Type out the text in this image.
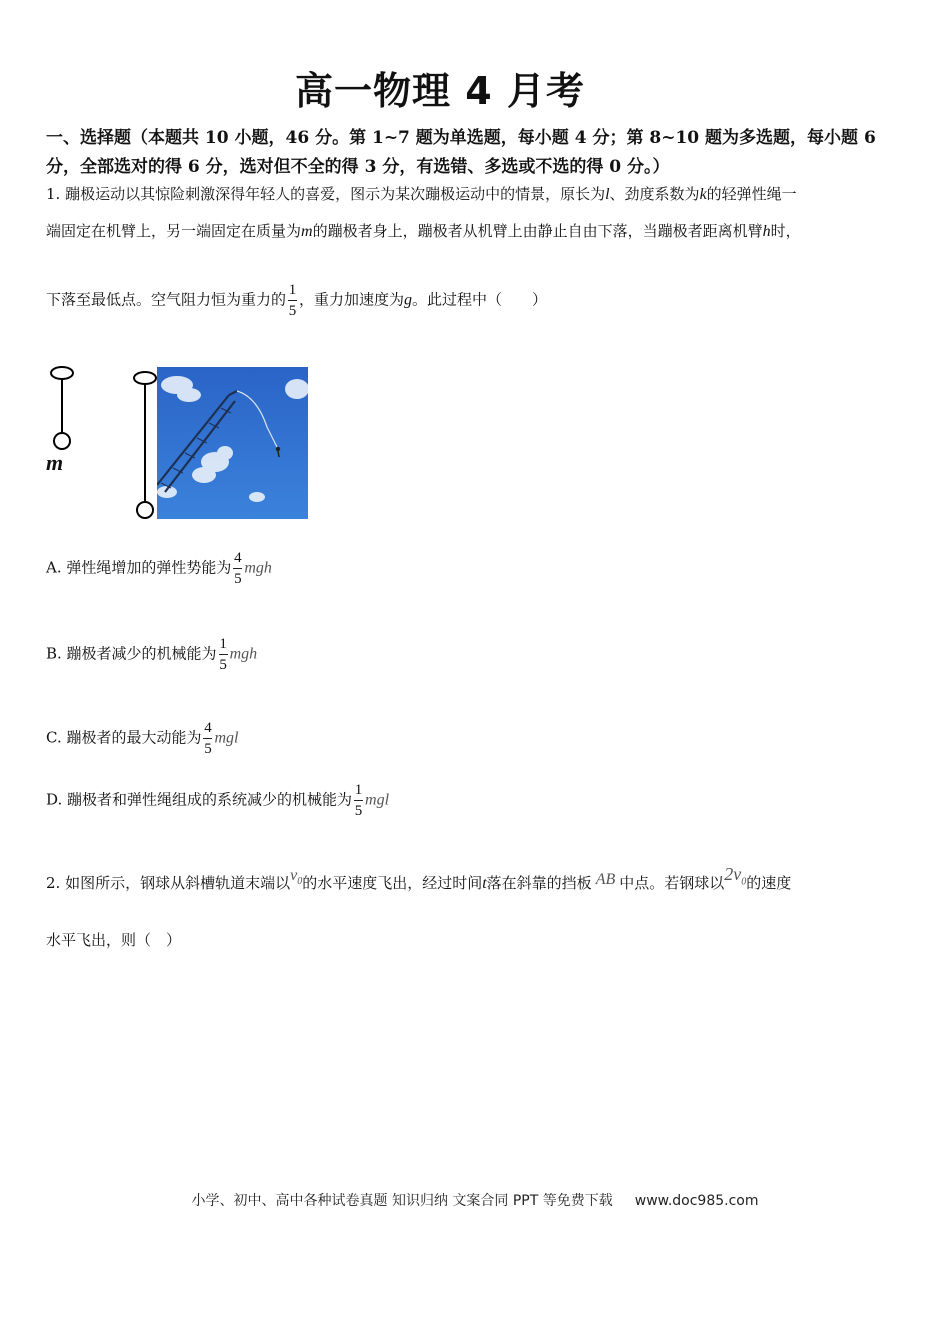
高一物理 4 月考
一、选择题（本题共 10 小题，46 分。第 1~7 题为单选题，每小题 4 分；第 8~10 题为多选题，每小题 6
分，全部选对的得 6 分，选对但不全的得 3 分，有选错、多选或不选的得 0 分。）
1. 蹦极运动以其惊险刺激深得年轻人的喜爱，图示为某次蹦极运动中的情景，原长为l、劲度系数为k的轻弹性绳一
端固定在机臂上，另一端固定在质量为m的蹦极者身上，蹦极者从机臂上由静止自由下落，当蹦极者距离机臂h时，
下落至最低点。空气阻力恒为重力的 $\frac{1}{5}$ ，重力加速度为g。此过程中（　　）
m
A. 弹性绳增加的弹性势能为 $\frac{4}{5}$ mgh
B. 蹦极者减少的机械能为 $\frac{1}{5}$ mgh
C. 蹦极者的最大动能为 $\frac{4}{5}$ mgl
D. 蹦极者和弹性绳组成的系统减少的机械能为 $\frac{1}{5}$ mgl
2. 如图所示，钢球从斜槽轨道末端以$v_0$的水平速度飞出，经过时间t落在斜靠的挡板 AB 中点。若钢球以$2v_0$的速度
水平飞出，则（　）
小学、初中、高中各种试卷真题 知识归纳 文案合同 PPT 等免费下载 www.doc985.com
